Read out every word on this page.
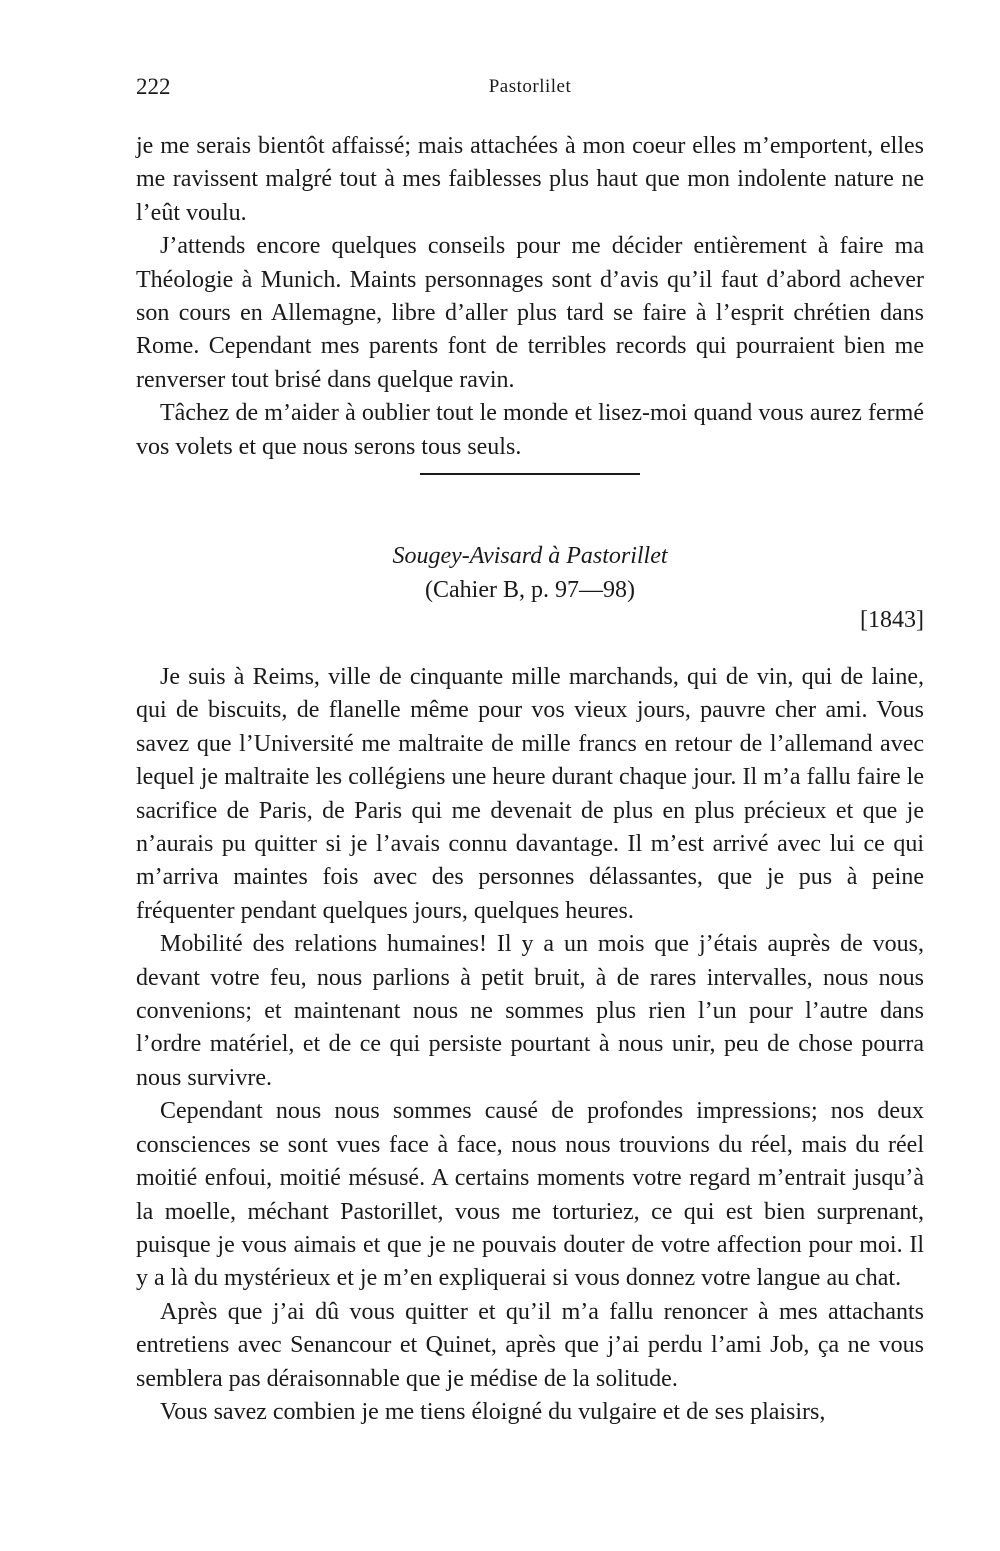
222	Pastorlilet

je me serais bientôt affaissé; mais attachées à mon coeur elles m’emportent, elles me ravissent malgré tout à mes faiblesses plus haut que mon indolente nature ne l’eût voulu.

J’attends encore quelques conseils pour me décider entièrement à faire ma Théologie à Munich. Maints personnages sont d’avis qu’il faut d’abord achever son cours en Allemagne, libre d’aller plus tard se faire à l’esprit chrétien dans Rome. Cependant mes parents font de terribles records qui pourraient bien me renverser tout brisé dans quelque ravin.

Tâchez de m’aider à oublier tout le monde et lisez-moi quand vous aurez fermé vos volets et que nous serons tous seuls.

Sougey-Avisard à Pastorillet
(Cahier B, p. 97—98)
[1843]

Je suis à Reims, ville de cinquante mille marchands, qui de vin, qui de laine, qui de biscuits, de flanelle même pour vos vieux jours, pauvre cher ami. Vous savez que l’Université me maltraite de mille francs en retour de l’allemand avec lequel je maltraite les collégiens une heure durant chaque jour. Il m’a fallu faire le sacrifice de Paris, de Paris qui me devenait de plus en plus précieux et que je n’aurais pu quitter si je l’avais connu davantage. Il m’est arrivé avec lui ce qui m’arriva maintes fois avec des personnes délassantes, que je pus à peine fréquenter pendant quelques jours, quelques heures.

Mobilité des relations humaines! Il y a un mois que j’étais auprès de vous, devant votre feu, nous parlions à petit bruit, à de rares intervalles, nous nous convenions; et maintenant nous ne sommes plus rien l’un pour l’autre dans l’ordre matériel, et de ce qui persiste pourtant à nous unir, peu de chose pourra nous survivre.

Cependant nous nous sommes causé de profondes impressions; nos deux consciences se sont vues face à face, nous nous trouvions du réel, mais du réel moitié enfoui, moitié mésusé. A certains moments votre regard m’entrait jusqu’à la moelle, méchant Pastorillet, vous me torturiez, ce qui est bien surprenant, puisque je vous aimais et que je ne pouvais douter de votre affection pour moi. Il y a là du mystérieux et je m’en expliquerai si vous donnez votre langue au chat.

Après que j’ai dû vous quitter et qu’il m’a fallu renoncer à mes attachants entretiens avec Senancour et Quinet, après que j’ai perdu l’ami Job, ça ne vous semblera pas déraisonnable que je médise de la solitude.

Vous savez combien je me tiens éloigné du vulgaire et de ses plaisirs,
